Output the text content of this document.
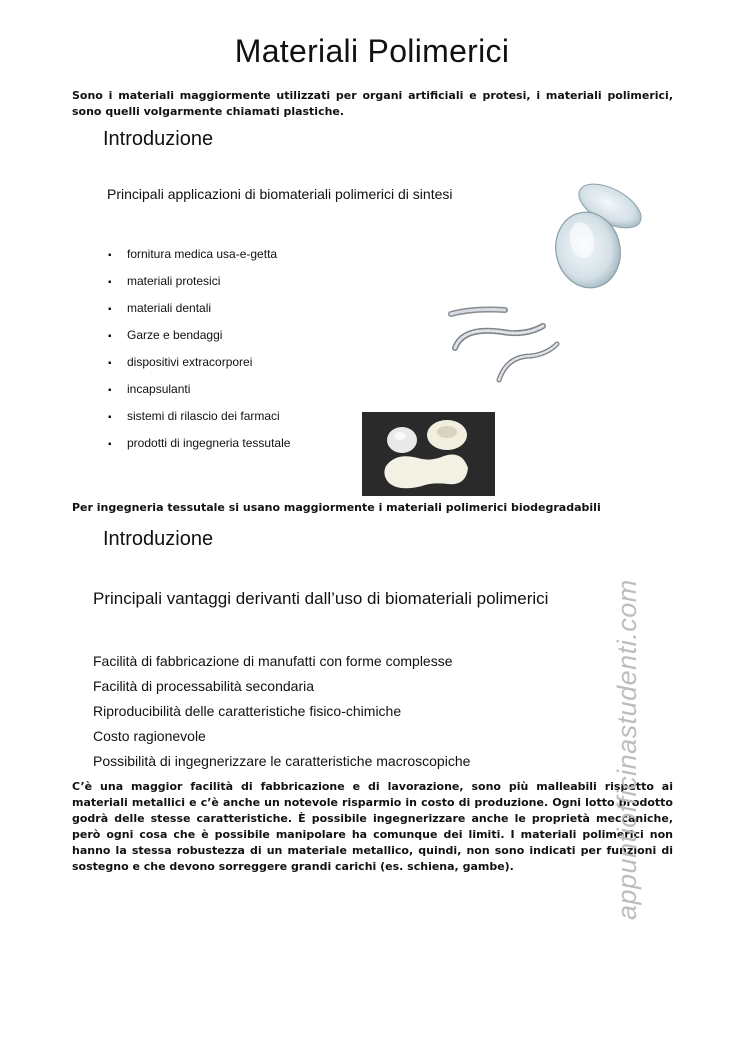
Materiali Polimerici
Sono i materiali maggiormente utilizzati per organi artificiali e protesi, i materiali polimerici, sono quelli volgarmente chiamati plastiche.
Introduzione
Principali applicazioni di biomateriali polimerici di sintesi
▪ fornitura medica usa-e-getta
▪ materiali protesici
▪ materiali dentali
▪ Garze e bendaggi
▪ dispositivi extracorporei
▪ incapsulanti
▪ sistemi di rilascio dei farmaci
▪ prodotti di ingegneria tessutale
Per ingegneria tessutale si usano maggiormente i materiali polimerici biodegradabili
Introduzione
Principali vantaggi derivanti dall’uso di biomateriali polimerici
Facilità di fabbricazione di manufatti con forme complesse
Facilità di processabilità secondaria
Riproducibilità delle caratteristiche fisico-chimiche
Costo ragionevole
Possibilità di ingegnerizzare le caratteristiche macroscopiche
C’è una maggior facilità di fabbricazione e di lavorazione, sono più malleabili rispetto ai materiali metallici e c’è anche un notevole risparmio in costo di produzione. Ogni lotto prodotto godrà delle stesse caratteristiche. È possibile ingegnerizzare anche le proprietà meccaniche, però ogni cosa che è possibile manipolare ha comunque dei limiti. I materiali polimerici non hanno la stessa robustezza di un materiale metallico, quindi, non sono indicati per funzioni di sostegno e che devono sorreggere grandi carichi (es. schiena, gambe).	appuntiofficinastudenti.com
